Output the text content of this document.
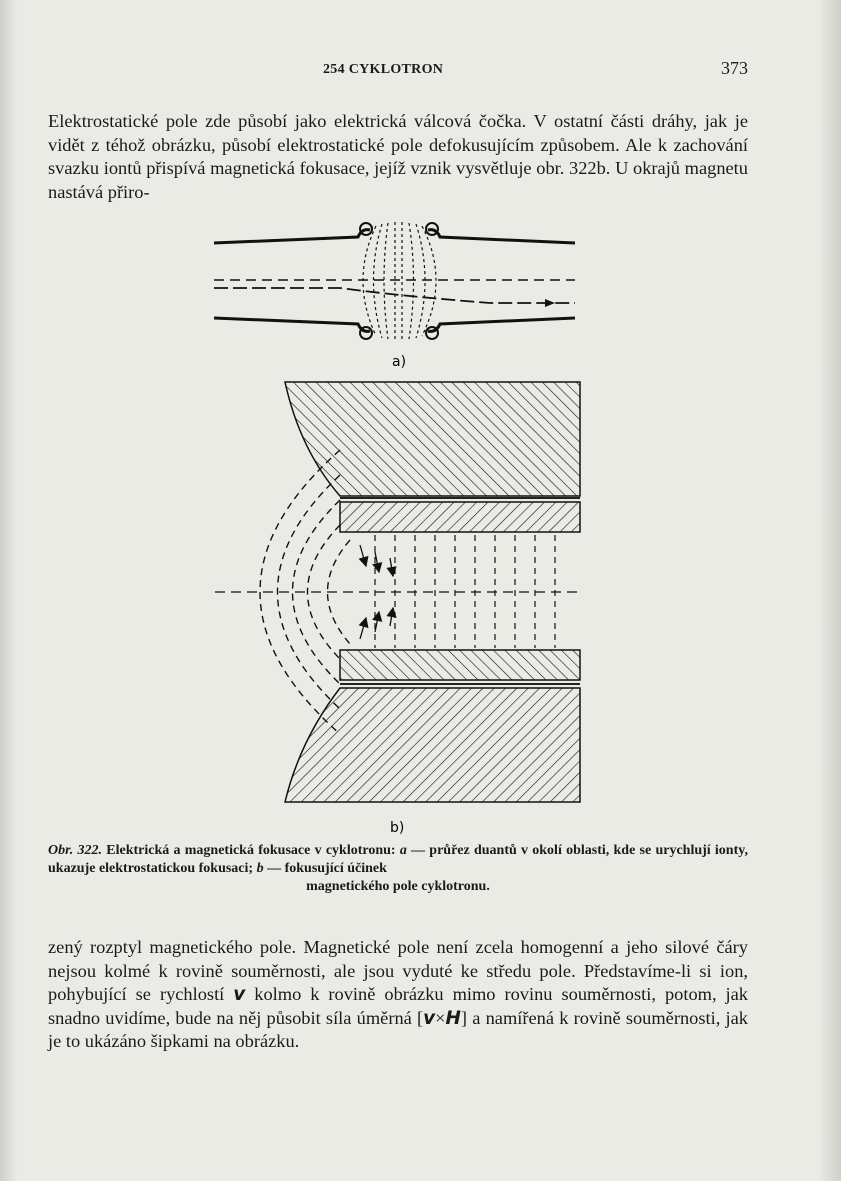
254 CYKLOTRON	373

Elektrostatické pole zde působí jako elektrická válcová čočka. V ostatní části dráhy, jak je vidět z téhož obrázku, působí elektrostatické pole defokusujícím způsobem. Ale k zachování svazku iontů přispívá magnetická fokusace, jejíž vznik vysvětluje obr. 322b. U okrajů magnetu nastává přiro-

a)
b)

Obr. 322. Elektrická a magnetická fokusace v cyklotronu: a — průřez duantů v okolí oblasti, kde se urychlují ionty, ukazuje elektrostatickou fokusaci; b — fokusující účinek
magnetického pole cyklotronu.

zený rozptyl magnetického pole. Magnetické pole není zcela homogenní a jeho silové čáry nejsou kolmé k rovině souměrnosti, ale jsou vyduté ke středu pole. Představíme-li si ion, pohybující se rychlostí v kolmo k rovině obrázku mimo rovinu souměrnosti, potom, jak snadno uvidíme, bude na něj působit síla úměrná [v×H] a namířená k rovině souměrnosti, jak je to ukázáno šipkami na obrázku.
